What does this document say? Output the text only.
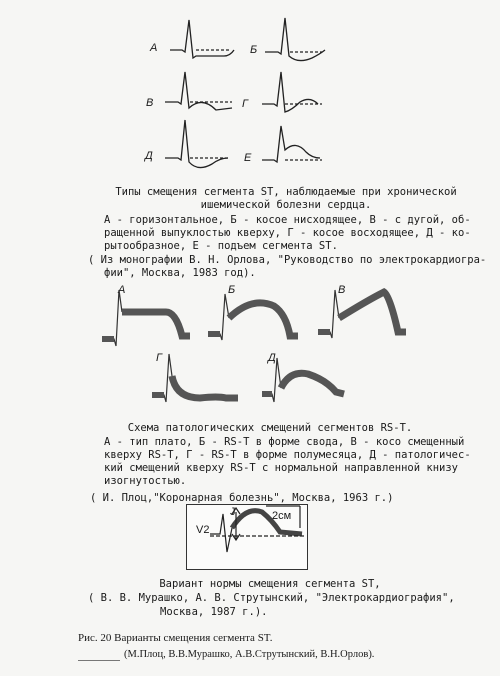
А	Б
В	Г
Д	Е
Типы смещения сегмента ST, наблюдаемые при хронической
ишемической болезни сердца.
А - горизонтальное, Б - косое нисходящее, В - с дугой, об-
ращенной выпуклостью кверху, Г - косое восходящее, Д - ко-
рытообразное, Е - подъем сегмента ST.
( Из монографии В. Н. Орлова, "Руководство по электрокардиогра-
фии", Москва, 1983 год).
А	Б	В
Г	Д
Схема патологических смещений сегментов RS-T.
А - тип плато, Б - RS-T в форме свода, В - косо смещенный
кверху RS-T, Г - RS-T в форме полумесяца, Д - патологичес-
кий смещений кверху RS-T с нормальной направленной книзу
изогнутостью.
( И. Плоц,"Коронарная болезнь", Москва, 1963 г.)
V2
J	2см
Вариант нормы смещения сегмента ST,
( В. В. Мурашко, А. В. Струтынский, "Электрокардиография",
Москва, 1987 г.).
Рис. 20 Варианты смещения сегмента ST.
(М.Плоц, В.В.Мурашко, А.В.Струтынский, В.Н.Орлов).
